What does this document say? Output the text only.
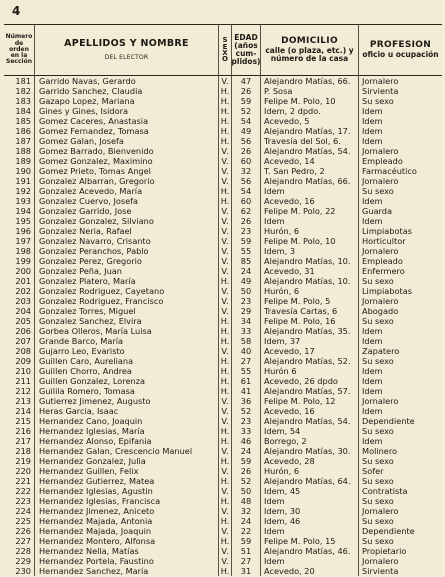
4
Número
de
orden
en la
Sección
APELLIDOS Y NOMBRE
DEL ELECTOR
S
E
X
O
EDAD
(años
cum-
plidos)
DOMICILIO
calle (o plaza, etc.) y
número de la casa
PROFESION
oficio u ocupación
181 Garrido Navas, Gerardo	V.	47	Alejandro Matías, 66.	Jornalero
182 Garrido Sanchez, Claudia	H.	26	P. Sosa	Sirvienta
183 Gazapo Lopez, Mariana	H.	59	Felipe M. Polo, 10	Su sexo
184 Gines y Gines, Isidora	H.	52	Idem, 2 dpdo.	Idem
185 Gomez Caceres, Anastasia	H.	54	Acevedo, 5	Idem
186 Gomez Fernandez, Tomasa	H.	49	Alejandro Matías, 17.	Idem
187 Gomez Galan, Josefa	H.	56	Travesía del Sol, 6.	Idem
188 Gomez Barrado, Bienvenido	V.	26	Alejandro Matías, 54.	Jornalero
189 Gomez Gonzalez, Maximino	V.	60	Acevedo, 14	Empleado
190 Gomez Prieto, Tomas Angel	V.	32	T. San Pedro, 2	Farmacéutico
191 Gonzalez Albarran, Gregorio	V.	56	Alejandro Matías, 66.	Jornalero
192 Gonzalez Acevedo, María	H.	54	Idem	Su sexo
193 Gonzalez Cuervo, Josefa	H.	60	Acevedo, 16	Idem
194 Gonzalez Garrido, Jose	V.	62	Felipe M. Polo, 22	Guarda
195 Gonzalez Gonzalez, Silviano	V.	26	Idem	Idem
196 Gonzalez Neria, Rafael	V.	23	Hurón, 6	Limpiabotas
197 Gonzalez Navarro, Crisanto	V.	59	Felipe M. Polo, 10	Horticultor
198 Gonzalez Peranchos, Pablo	V.	55	Idem, 3	Jornalero
199 Gonzalez Perez, Gregorio	V.	85	Alejandro Matías, 10.	Empleado
200 Gonzalez Peña, Juan	V.	24	Acevedo, 31	Enfermero
201 Gonzalez Platero, María	H.	49	Alejandro Matías, 10.	Su sexo
202 Gonzalez Rodriguez, Cayetano	V.	50	Hurón, 6	Limpiabotas
203 Gonzalez Rodriguez, Francisco	V.	23	Felipe M. Polo, 5	Jornalero
204 Gonzalez Torres, Miguel	V.	29	Travesía Cartas, 6	Abogado
205 Gonzalez Sanchez, Elvira	H.	34	Felipe M. Polo, 16	Su sexo
206 Gorbea Olleros, María Luisa	H.	33	Alejandro Matías, 35.	Idem
207 Grande Barco, María	H.	58	Idem, 37	Idem
208 Gujarro Leo, Evaristo	V.	40	Acevedo, 17	Zapatero
209 Guillen Caro, Aureliana	H.	27	Alejandro Matías, 52.	Su sexo
210 Guillen Chorro, Andrea	H.	55	Hurón 6	Idem
211 Guillen Gonzalez, Lorenza	H.	61	Acevedo, 26 dpdo	Idem
212 Guilila Romero, Tomasa	H.	41	Alejandro Matías, 57.	Idem
213 Gutierrez Jimenez, Augusto	V.	36	Felipe M. Polo, 12	Jornalero
214 Heras Garcia, Isaac	V.	52	Acevedo, 16	Idem
215 Hernandez Cano, Joaquin	V.	23	Alejandro Matías, 54.	Dependiente
216 Hernandez Iglesias, María	H.	33	Idem, 54	Su sexo
217 Hernandez Alonso, Epifania	H.	46	Borrego, 2	Idem
218 Hernandez Galan, Crescencio Manuel	V.	24	Alejandro Matías, 30.	Molinero
219 Hernandez Gonzalez, Julia	H.	59	Acevedo, 28	Su sexo
220 Hernandez Guillen, Felix	V.	26	Hurón, 6	Sofer
221 Hernandez Gutierrez, Matea	H.	52	Alejandro Matías, 64.	Su sexo
222 Hernandez Iglesias, Agustin	V.	50	Idem, 45	Contratista
223 Hernandez Iglesias, Francisca	H.	48	Idem	Su sexo
224 Hernandez Jimenez, Aniceto	V.	32	Idem, 30	Jornalero
225 Hernandez Majada, Antonia	H.	24	Idem, 46	Su sexo
226 Hernandez Majada, Joaquin	V.	22	Idem	Dependiente
227 Hernandez Montero, Alfonsa	H.	59	Felipe M. Polo, 15	Su sexo
228 Hernandez Nella, Matías	V.	51	Alejandro Matías, 46.	Propietario
229 Hernandez Portela, Faustino	V.	27	Idem	Jornalero
230 Hernandez Sanchez, María	H.	31	Acevedo, 20	Sirvienta
